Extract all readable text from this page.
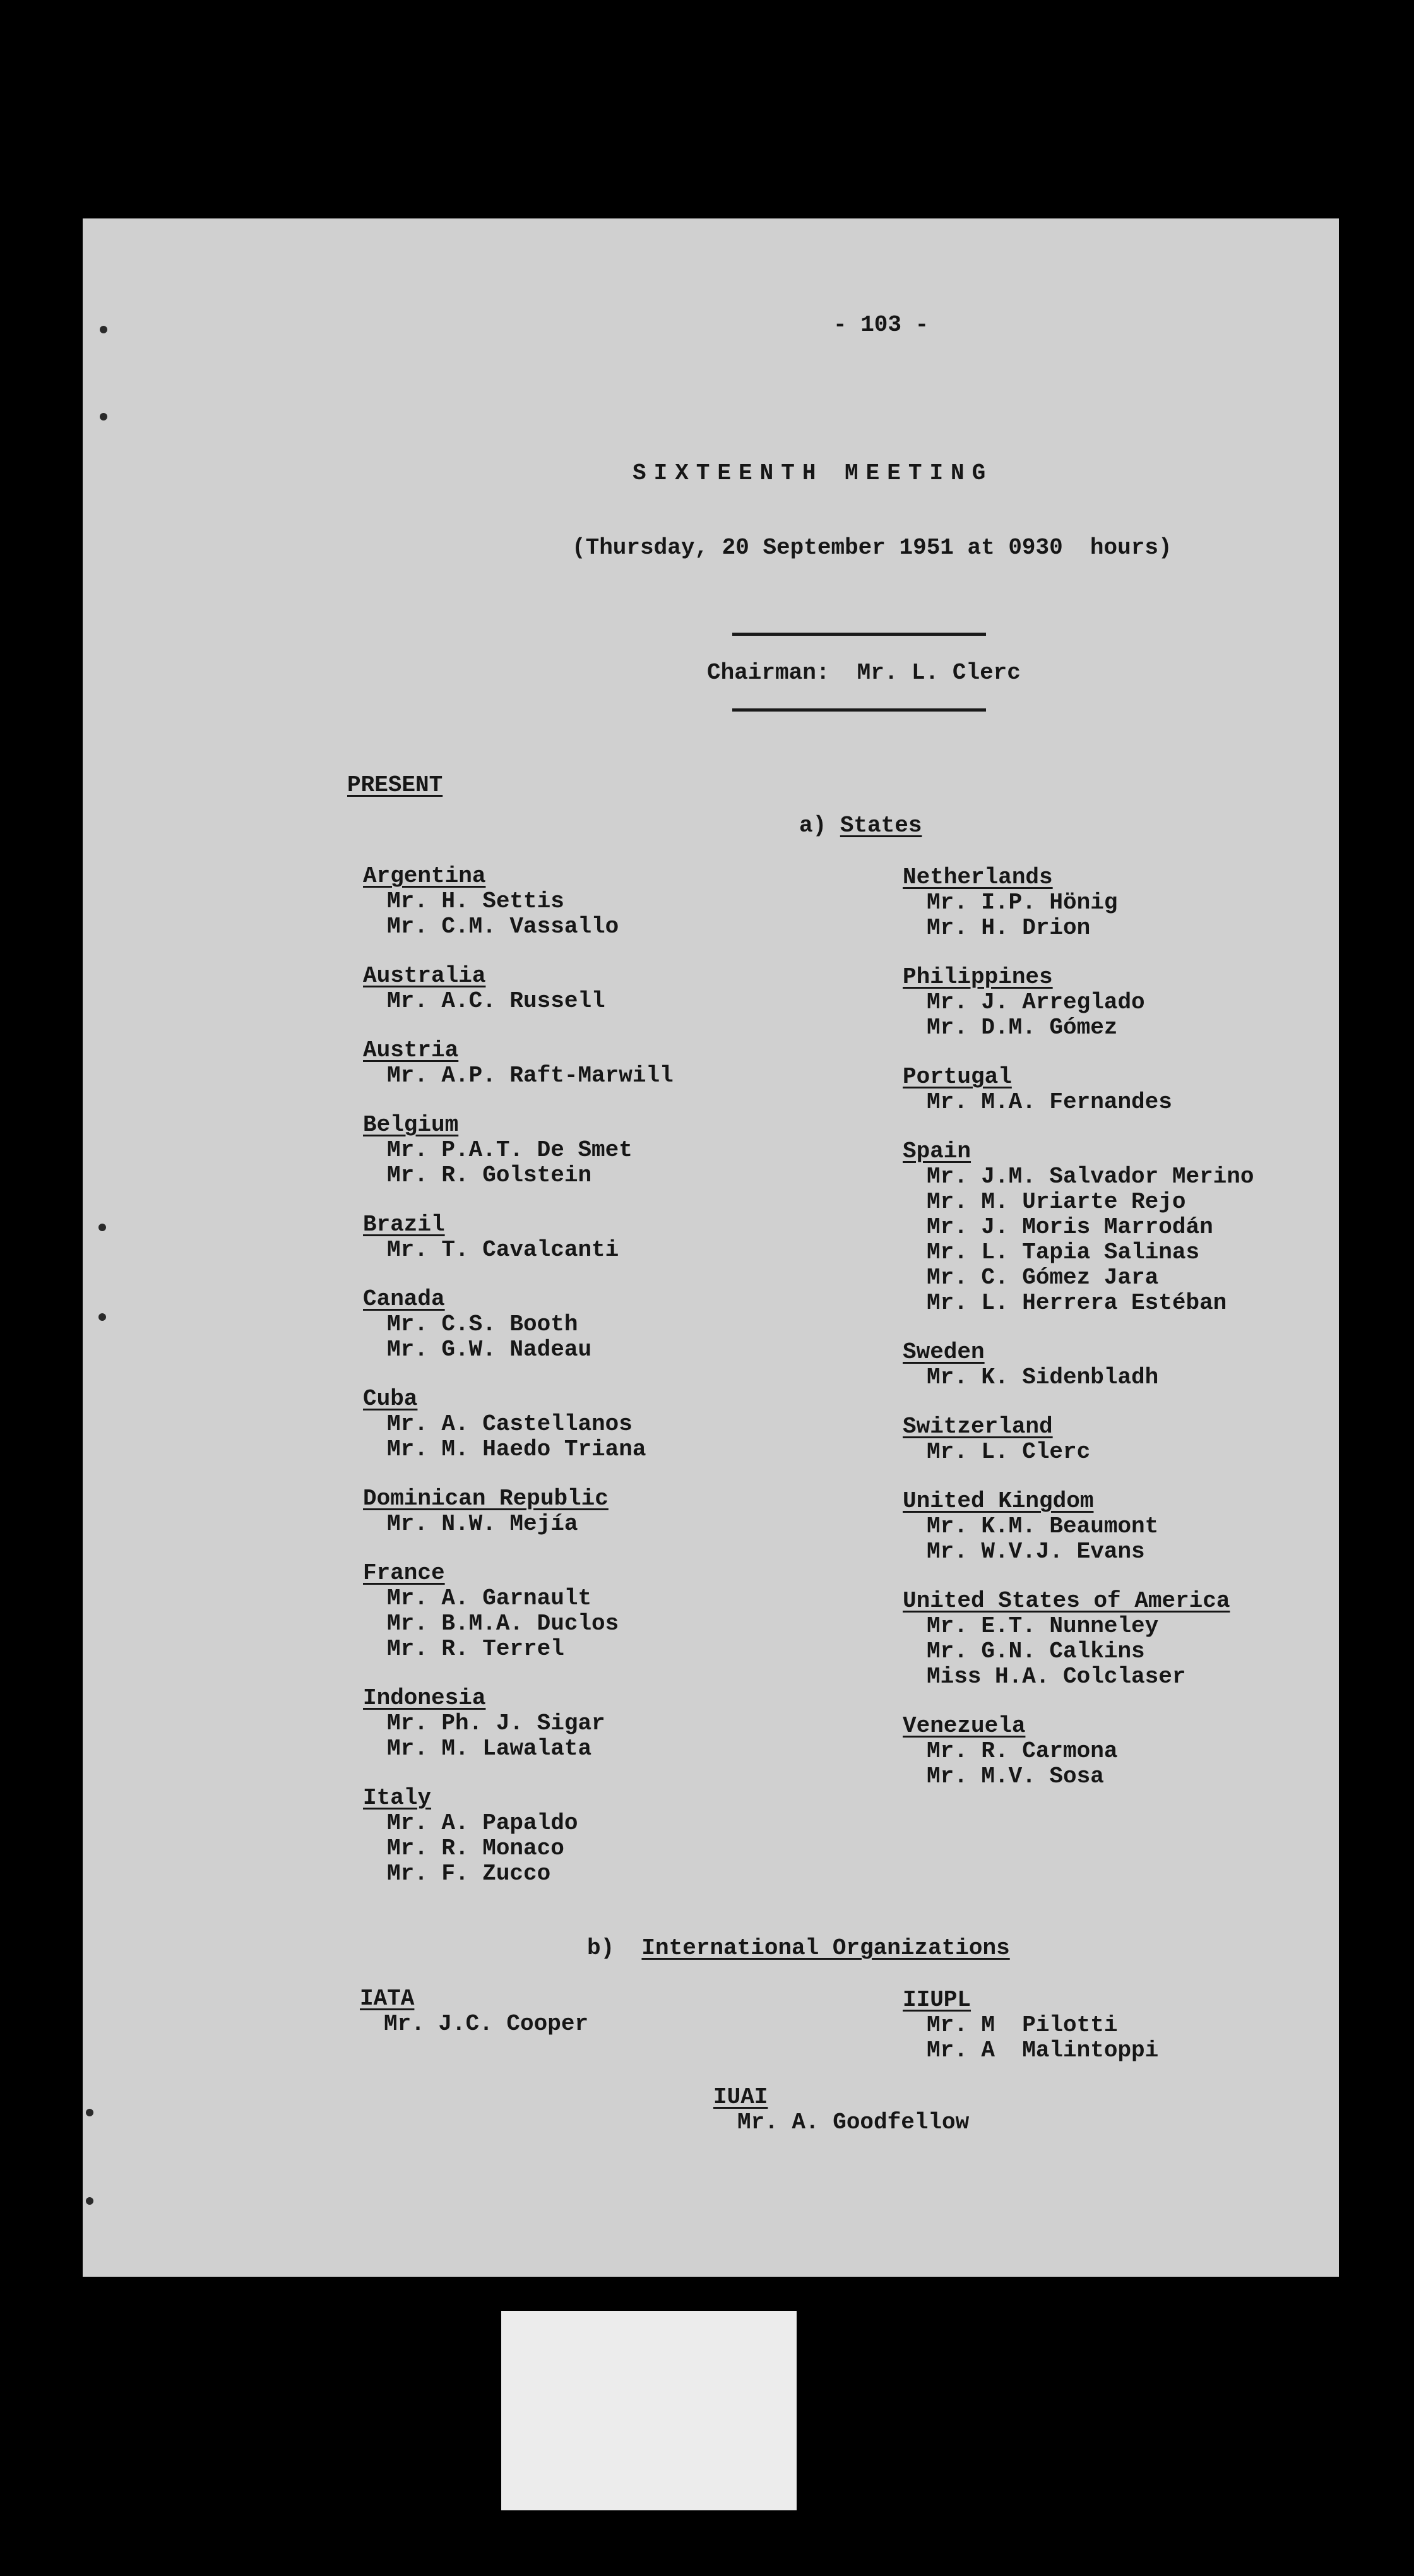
- 103 -
SIXTEENTH MEETING
(Thursday, 20 September 1951 at 0930  hours)
Chairman:  Mr. L. Clerc
PRESENT
a) States
Argentina
Mr. H. Settis
Mr. C.M. Vassallo
Australia
Mr. A.C. Russell
Austria
Mr. A.P. Raft-Marwill
Belgium
Mr. P.A.T. De Smet
Mr. R. Golstein
Brazil
Mr. T. Cavalcanti
Canada
Mr. C.S. Booth
Mr. G.W. Nadeau
Cuba
Mr. A. Castellanos
Mr. M. Haedo Triana
Dominican Republic
Mr. N.W. Mejía
France
Mr. A. Garnault
Mr. B.M.A. Duclos
Mr. R. Terrel
Indonesia
Mr. Ph. J. Sigar
Mr. M. Lawalata
Italy
Mr. A. Papaldo
Mr. R. Monaco
Mr. F. Zucco
Netherlands
Mr. I.P. Hönig
Mr. H. Drion
Philippines
Mr. J. Arreglado
Mr. D.M. Gómez
Portugal
Mr. M.A. Fernandes
Spain
Mr. J.M. Salvador Merino
Mr. M. Uriarte Rejo
Mr. J. Moris Marrodán
Mr. L. Tapia Salinas
Mr. C. Gómez Jara
Mr. L. Herrera Estéban
Sweden
Mr. K. Sidenbladh
Switzerland
Mr. L. Clerc
United Kingdom
Mr. K.M. Beaumont
Mr. W.V.J. Evans
United States of America
Mr. E.T. Nunneley
Mr. G.N. Calkins
Miss H.A. Colclaser
Venezuela
Mr. R. Carmona
Mr. M.V. Sosa
b)  International Organizations
IATA
Mr. J.C. Cooper
IIUPL
Mr. M  Pilotti
Mr. A  Malintoppi
IUAI
Mr. A. Goodfellow
